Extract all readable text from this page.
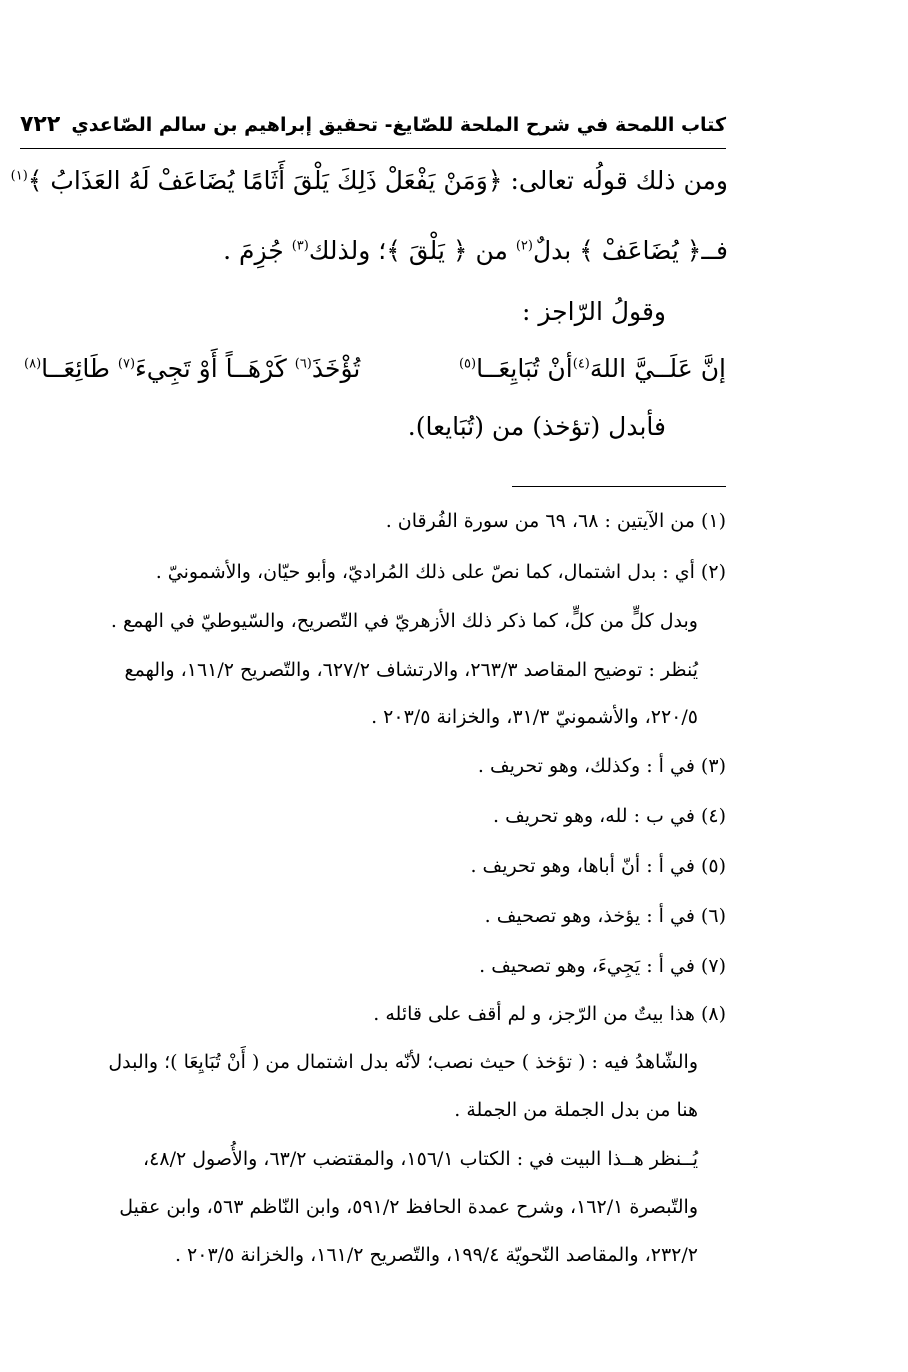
كتاب اللمحة في شرح الملحة للصّايغ- تحقيق إبراهيم بن سالم الصّاعدي
٧٢٢
ومن ذلك قولُه تعالى: ﴿وَمَنْ يَفْعَلْ ذَلِكَ يَلْقَ أَثَامًا يُضَاعَفْ لَهُ العَذَابُ ﴾$^{(١)}$
فــ﴿ يُضَاعَفْ ﴾ بدلٌ$^{(٢)}$ من ﴿ يَلْقَ ﴾؛ ولذلك$^{(٣)}$ جُزِمَ .
وقولُ الرّاجز :
إنَّ عَلَــيَّ اللهَ$^{(٤)}$أنْ تُبَايِعَــا$^{(٥)}$
تُؤْخَذَ$^{(٦)}$ كَرْهَــاً أَوْ تَجِيءَ$^{(٧)}$ طَائِعَــا$^{(٨)}$
فأبدل (تؤخذ) من (تُبَايعا).
(١) من الآيتين : ٦٨، ٦٩ من سورة الفُرقان .
(٢) أي : بدل اشتمال، كما نصّ على ذلك المُراديّ، وأبو حيّان، والأشمونيّ .
وبدل كلٍّ من كلٍّ، كما ذكر ذلك الأزهريّ في التّصريح، والسّيوطيّ في الهمع .
يُنظر : توضيح المقاصد ٢٦٣/٣، والارتشاف ٦٢٧/٢، والتّصريح ١٦١/٢، والهمع
٢٢٠/٥، والأشمونيّ ٣١/٣، والخزانة ٢٠٣/٥ .
(٣) في أ : وكذلك، وهو تحريف .
(٤) في ب : لله، وهو تحريف .
(٥) في أ : أنّ أباها، وهو تحريف .
(٦) في أ : يؤخذ، وهو تصحيف .
(٧) في أ : يَجِيءَ، وهو تصحيف .
(٨) هذا بيتٌ من الرّجز، و لم أقف على قائله .
والشّاهدُ فيه : ( تؤخذ ) حيث نصب؛ لأنّه بدل اشتمال من ( أَنْ تُبَايِعَا )؛ والبدل
هنا من بدل الجملة من الجملة .
يُــنظر هــذا البيت في : الكتاب ١٥٦/١، والمقتضب ٦٣/٢، والأُصول ٤٨/٢،
والتّبصرة ١٦٢/١، وشرح عمدة الحافظ ٥٩١/٢، وابن النّاظم ٥٦٣، وابن عقيل
٢٣٢/٢، والمقاصد النّحويّة ١٩٩/٤، والتّصريح ١٦١/٢، والخزانة ٢٠٣/٥ .
